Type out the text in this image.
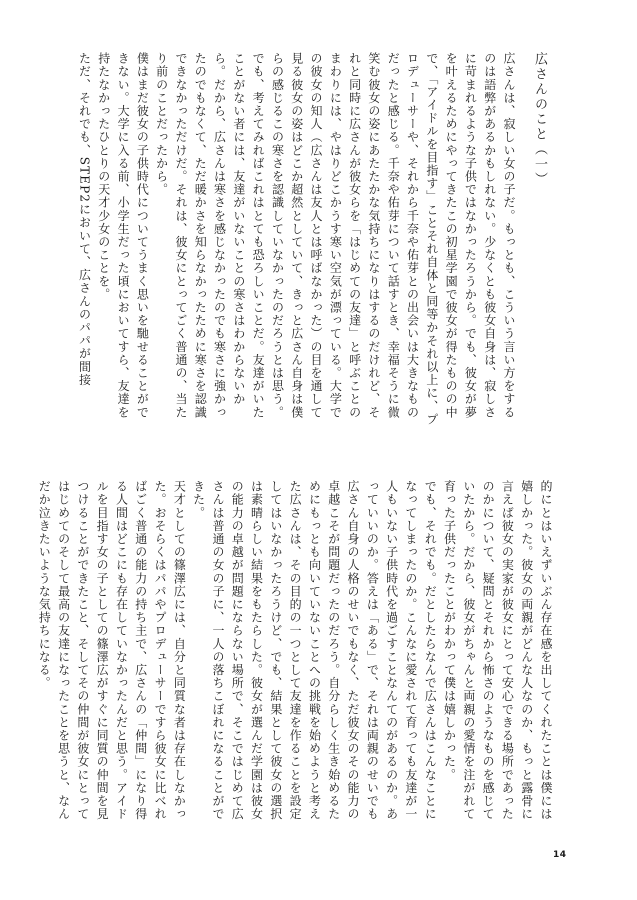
広さんのこと（一）

広さんは、寂しい女の子だ。もっとも、こういう言い方をするのは語弊があるかもしれない。少なくとも彼女自身は、寂しさに苛まれるような子供ではなかったろうから。でも、彼女が夢を叶えるためにやってきたこの初星学園で彼女が得たものの中で、「アイドルを目指す」ことそれ自体と同等かそれ以上に、プロデューサーや、それから千奈や佑芽との出会いは大きなものだったと感じる。千奈や佑芽について話すとき、幸福そうに微笑む彼女の姿にあたたかな気持ちになりはするのだけれど、それと同時に広さんが彼女らを「はじめての友達」と呼ぶことのまわりには、やはりどこかうす寒い空気が漂っている。大学での彼女の知人（広さんは友人とは呼ばなかった）の目を通して見る彼女の姿はどこか超然としていて、きっと広さん自身は僕らの感じるこの寒さを認識していなかったのだろうとは思う。

でも、考えてみればこれはとても恐ろしいことだ。友達がいたことがない者には、友達がいないことの寒さはわからないから。だから、広さんは寒さを感じなかったのでも寒さに強かったのでもなくて、ただ暖かさを知らなかったために寒さを認識できなかっただけだ。それは、彼女にとってごく普通の、当たり前のことだったから。

僕はまだ彼女の子供時代についてうまく思いを馳せることができない。大学に入る前、小学生だった頃においてすら、友達を持たなかったひとりの天才少女のことを。

ただ、それでも、STEP2において、広さんのパパが間接

的にとはいえずいぶん存在感を出してくれたことは僕には嬉しかった。彼女の両親がどんな人なのか、もっと露骨に言えば彼女の実家が彼女にとって安心できる場所であったのかについて、疑問とそれから怖さのようなものを感じていたから。だから、彼女がちゃんと両親の愛情を注がれて育った子供だったことがわかって僕は嬉しかった。

でも、それでも。だとしたらなんで広さんはこんなことになってしまったのか。こんなに愛されて育っても友達が一人もいない子供時代を過ごすことなんてのがあるのか。あっていいのか。答えは「ある」で、それは両親のせいでも広さん自身の人格のせいでもなく、ただ彼女のその能力の卓越こそが問題だったのだろう。自分らしく生き始めるためにもっとも向いていないことへの挑戦を始めようと考えた広さんは、その目的の一つとして友達を作ることを設定してはいなかったろうけど、でも、結果として彼女の選択は素晴らしい結果をもたらした。彼女が選んだ学園は彼女の能力の卓越が問題にならない場所で、そこではじめて広さんは普通の女の子に、一人の落ちこぼれになることができた。

天才としての篠澤広には、自分と同質な者は存在しなかった。おそらくはパパやプロデューサーですら彼女に比べればごく普通の能力の持ち主で、広さんの「仲間」になり得る人間はどこにも存在していなかったんだと思う。アイドルを目指す女の子としての篠澤広がすぐに同質の仲間を見つけることができたこと、そしてその仲間が彼女にとってはじめてのそして最高の友達になったことを思うと、なんだか泣きたいような気持ちになる。

14
